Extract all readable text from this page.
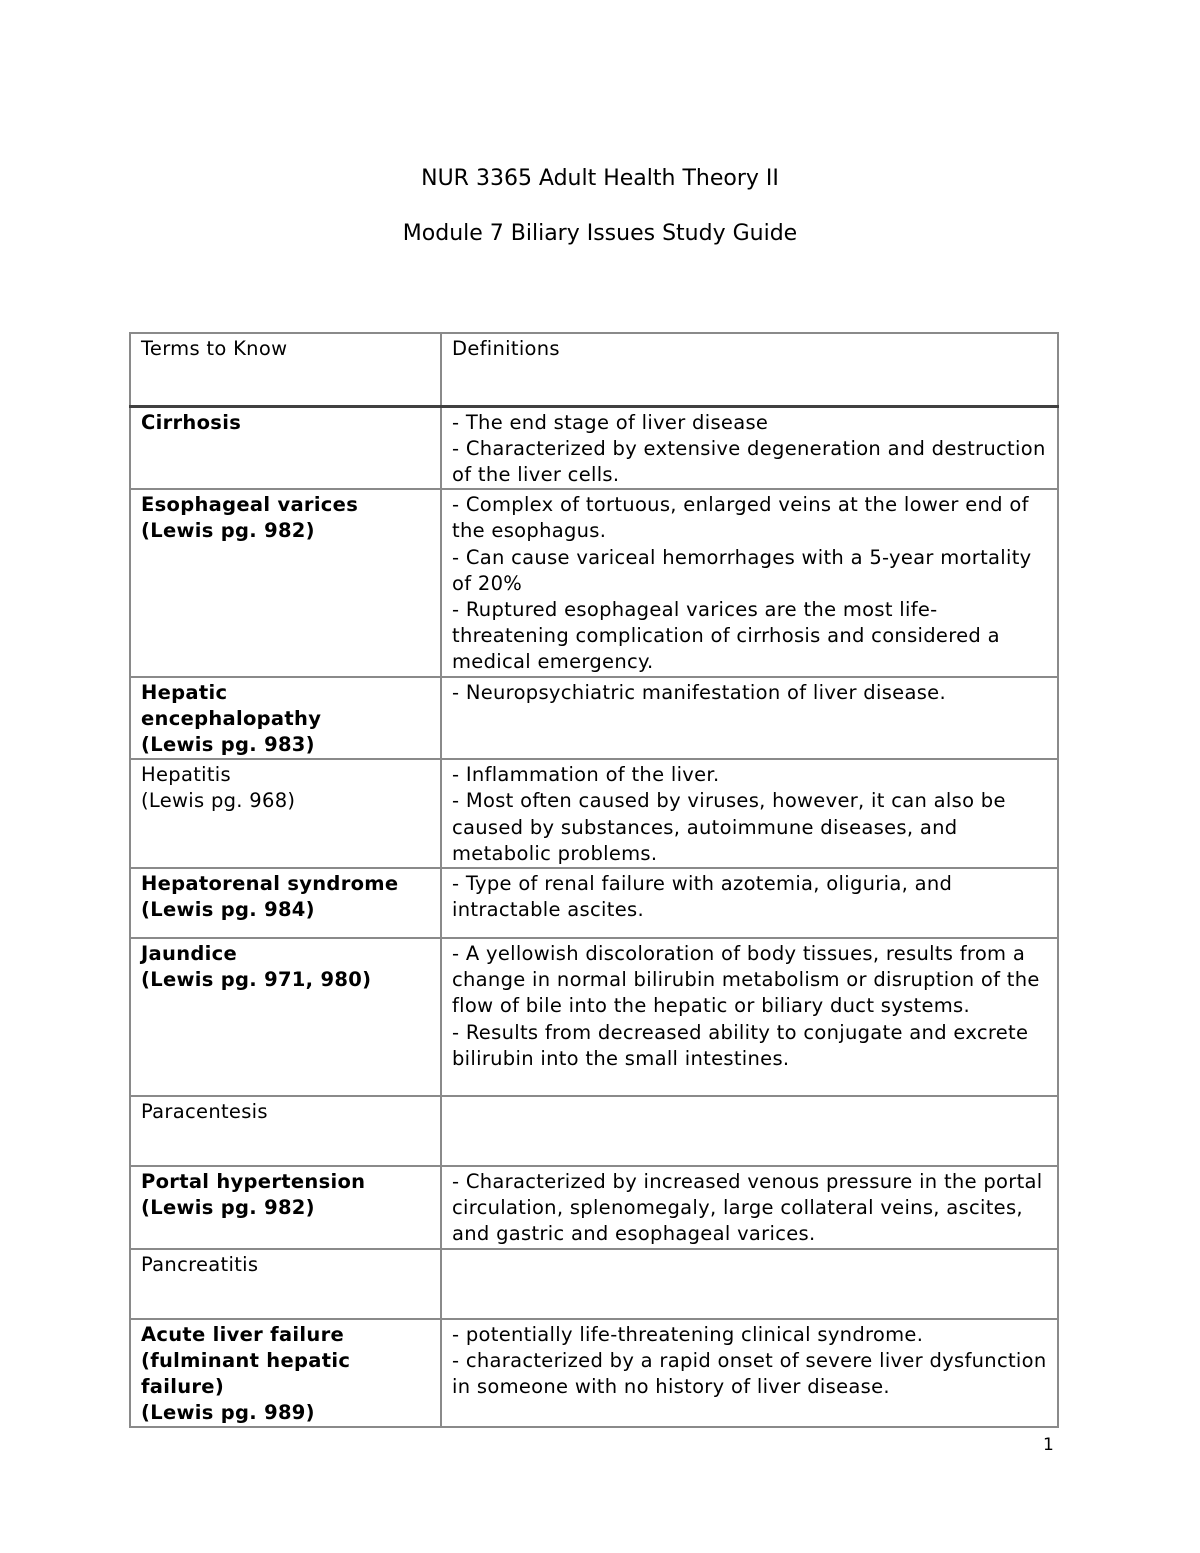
NUR 3365 Adult Health Theory II
Module 7 Biliary Issues Study Guide
Terms to Know	Definitions

Cirrhosis	- The end stage of liver disease
- Characterized by extensive degeneration and destruction of the liver cells.

Esophageal varices
(Lewis pg. 982)	- Complex of tortuous, enlarged veins at the lower end of the esophagus.
- Can cause variceal hemorrhages with a 5-year mortality of 20%
- Ruptured esophageal varices are the most life-threatening complication of cirrhosis and considered a medical emergency.

Hepatic encephalopathy
(Lewis pg. 983)	- Neuropsychiatric manifestation of liver disease.

Hepatitis
(Lewis pg. 968)	- Inflammation of the liver.
- Most often caused by viruses, however, it can also be caused by substances, autoimmune diseases, and metabolic problems.

Hepatorenal syndrome
(Lewis pg. 984)	- Type of renal failure with azotemia, oliguria, and intractable ascites.

Jaundice
(Lewis pg. 971, 980)	- A yellowish discoloration of body tissues, results from a change in normal bilirubin metabolism or disruption of the flow of bile into the hepatic or biliary duct systems.
- Results from decreased ability to conjugate and excrete bilirubin into the small intestines.

Paracentesis	

Portal hypertension
(Lewis pg. 982)	- Characterized by increased venous pressure in the portal circulation, splenomegaly, large collateral veins, ascites, and gastric and esophageal varices.

Pancreatitis	

Acute liver failure (fulminant hepatic failure)
(Lewis pg. 989)	- potentially life-threatening clinical syndrome.
- characterized by a rapid onset of severe liver dysfunction in someone with no history of liver disease.
1
